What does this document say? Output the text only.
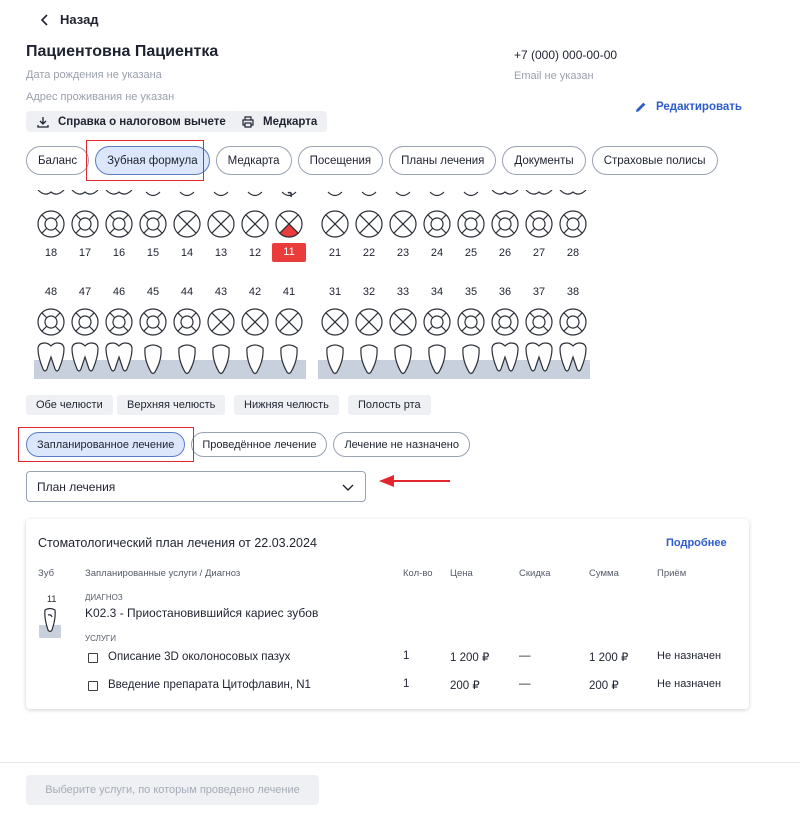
Назад
Пациентовна Пациентка
Дата рождения не указана
Адрес проживания не указан
+7 (000) 000-00-00
Email не указан
Редактировать
Справка о налоговом вычете	Медкарта
Баланс	Зубная формула	Медкарта	Посещения	Планы лечения	Документы	Страховые полисы
18	17	16	15	14	13	12	11	21	22	23	24	25	26	27	28
48	47	46	45	44	43	42	41	31	32	33	34	35	36	37	38
Обе челюсти	Верхняя челюсть	Нижняя челюсть	Полость рта
Запланированное лечение	Проведённое лечение	Лечение не назначено
План лечения
Стоматологический план лечения от 22.03.2024	Подробнее
Зуб	Запланированные услуги / Диагноз	Кол-во Цена	Скидка	Сумма	Приём
11	ДИАГНОЗ
K02.3 - Приостановившийся кариес зубов
УСЛУГИ
Описание 3D околоносовых пазух	1	1 200 ₽	—	1 200 ₽	Не назначен
Введение препарата Цитофлавин, N1	1	200 ₽	—	200 ₽	Не назначен
Выберите услуги, по которым проведено лечение
